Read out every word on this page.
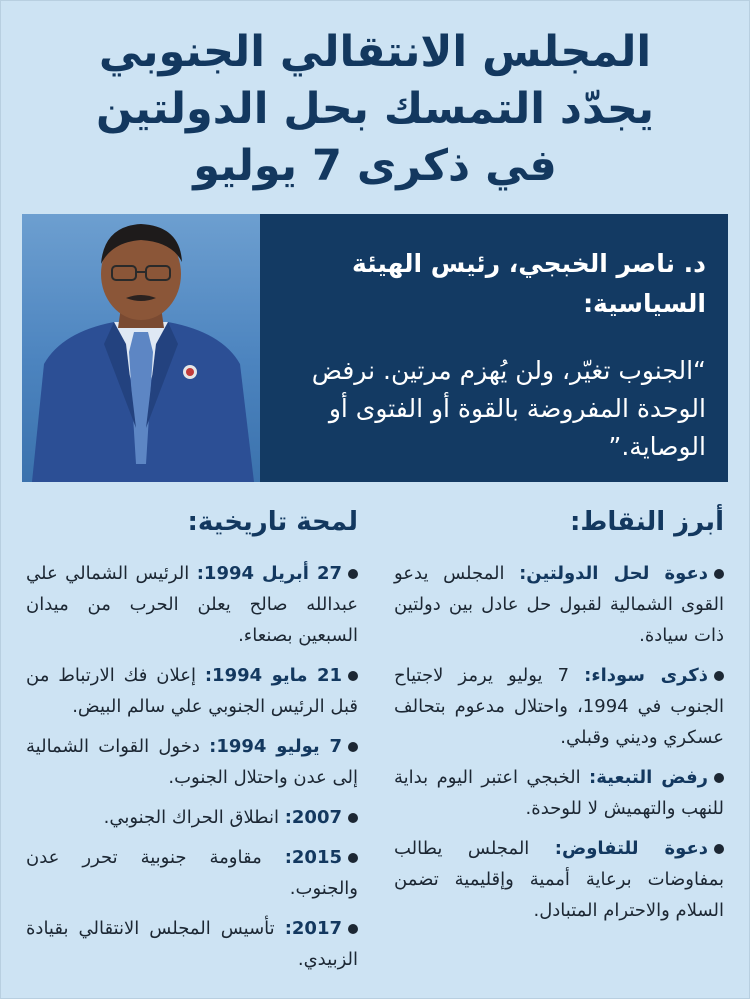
المجلس الانتقالي الجنوبي
يجدّد التمسك بحل الدولتين
في ذكرى 7 يوليو

د. ناصر الخبجي، رئيس الهيئة
السياسية:

“الجنوب تغيّر، ولن يُهزم مرتين. نرفض الوحدة المفروضة بالقوة أو الفتوى أو الوصاية.”
أبرز النقاط:
دعوة لحل الدولتين: المجلس يدعو القوى الشمالية لقبول حل عادل بين دولتين ذات سيادة.
ذكرى سوداء: 7 يوليو يرمز لاجتياح الجنوب في 1994، واحتلال مدعوم بتحالف عسكري وديني وقبلي.
رفض التبعية: الخبجي اعتبر اليوم بداية للنهب والتهميش لا للوحدة.
دعوة للتفاوض: المجلس يطالب بمفاوضات برعاية أممية وإقليمية تضمن السلام والاحترام المتبادل.
لمحة تاريخية:
27 أبريل 1994: الرئيس الشمالي علي عبدالله صالح يعلن الحرب من ميدان السبعين بصنعاء.
21 مايو 1994: إعلان فك الارتباط من قبل الرئيس الجنوبي علي سالم البيض.
7 يوليو 1994: دخول القوات الشمالية إلى عدن واحتلال الجنوب.
2007: انطلاق الحراك الجنوبي.
2015: مقاومة جنوبية تحرر عدن والجنوب.
2017: تأسيس المجلس الانتقالي بقيادة الزبيدي.
